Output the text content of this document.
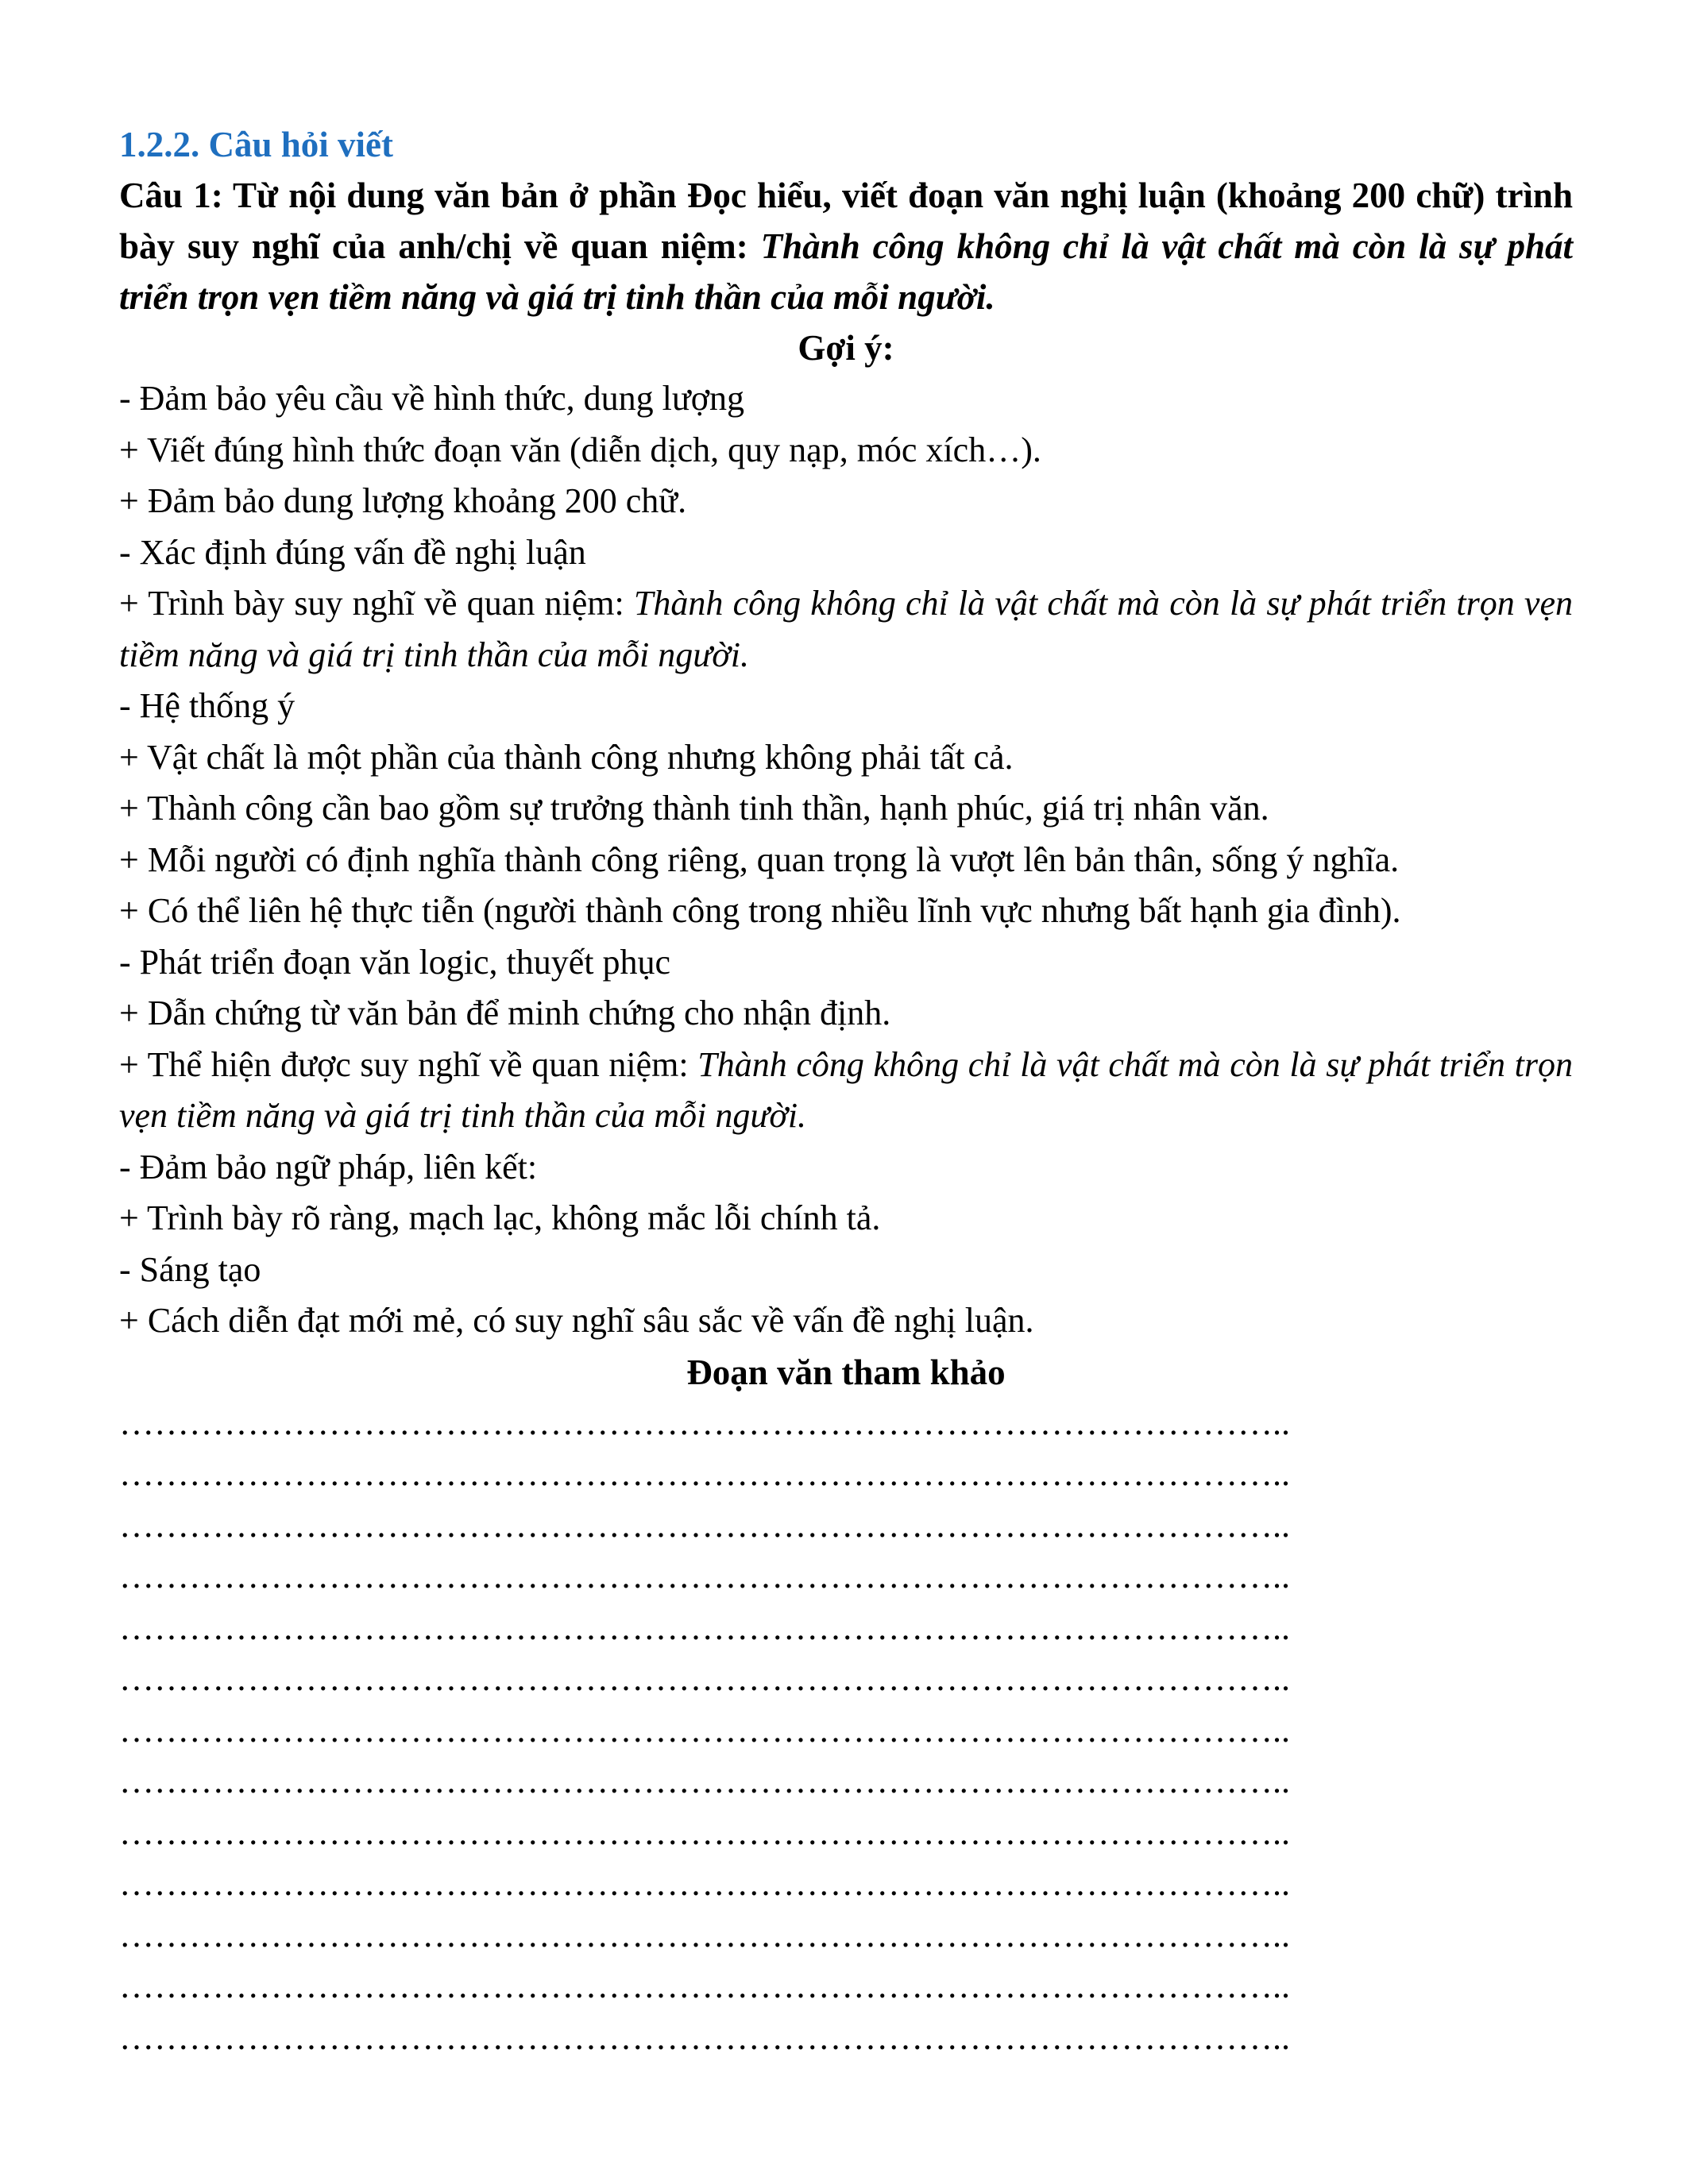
1.2.2. Câu hỏi viết
Câu 1: Từ nội dung văn bản ở phần Đọc hiểu, viết đoạn văn nghị luận (khoảng 200 chữ) trình bày suy nghĩ của anh/chị về quan niệm: Thành công không chỉ là vật chất mà còn là sự phát triển trọn vẹn tiềm năng và giá trị tinh thần của mỗi người.
Gợi ý:
- Đảm bảo yêu cầu về hình thức, dung lượng
+ Viết đúng hình thức đoạn văn (diễn dịch, quy nạp, móc xích…).
+ Đảm bảo dung lượng khoảng 200 chữ.
- Xác định đúng vấn đề nghị luận
+ Trình bày suy nghĩ về quan niệm: Thành công không chỉ là vật chất mà còn là sự phát triển trọn vẹn tiềm năng và giá trị tinh thần của mỗi người.
- Hệ thống ý
+ Vật chất là một phần của thành công nhưng không phải tất cả.
+ Thành công cần bao gồm sự trưởng thành tinh thần, hạnh phúc, giá trị nhân văn.
+ Mỗi người có định nghĩa thành công riêng, quan trọng là vượt lên bản thân, sống ý nghĩa.
+ Có thể liên hệ thực tiễn (người thành công trong nhiều lĩnh vực nhưng bất hạnh gia đình).
- Phát triển đoạn văn logic, thuyết phục
+ Dẫn chứng từ văn bản để minh chứng cho nhận định.
+ Thể hiện được suy nghĩ về quan niệm: Thành công không chỉ là vật chất mà còn là sự phát triển trọn vẹn tiềm năng và giá trị tinh thần của mỗi người.
- Đảm bảo ngữ pháp, liên kết:
+ Trình bày rõ ràng, mạch lạc, không mắc lỗi chính tả.
- Sáng tạo
+ Cách diễn đạt mới mẻ, có suy nghĩ sâu sắc về vấn đề nghị luận.
Đoạn văn tham khảo
………………………………………………………………………………………..
………………………………………………………………………………………..
………………………………………………………………………………………..
………………………………………………………………………………………..
………………………………………………………………………………………..
………………………………………………………………………………………..
………………………………………………………………………………………..
………………………………………………………………………………………..
………………………………………………………………………………………..
………………………………………………………………………………………..
………………………………………………………………………………………..
………………………………………………………………………………………..
………………………………………………………………………………………..
